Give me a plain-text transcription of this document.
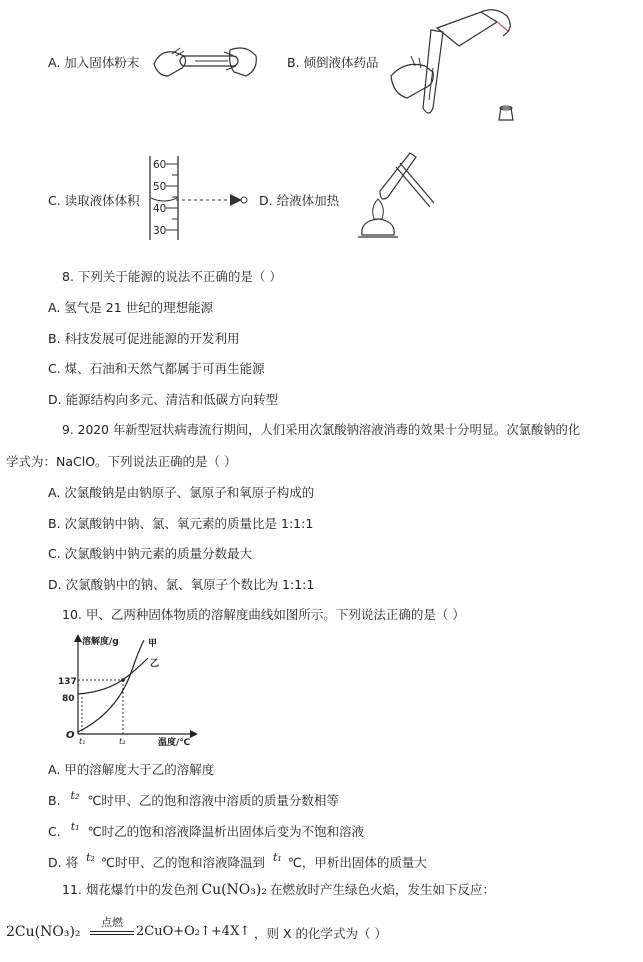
A. 加入固体粉末	B. 倾倒液体药品
C. 读取液体体积
60
50
40
30
D. 给液体加热
8. 下列关于能源的说法不正确的是（ ）
A. 氢气是 21 世纪的理想能源
B. 科技发展可促进能源的开发利用
C. 煤、石油和天然气都属于可再生能源
D. 能源结构向多元、清洁和低碳方向转型
9. 2020 年新型冠状病毒流行期间，人们采用次氯酸钠溶液消毒的效果十分明显。次氯酸钠的化
学式为：NaClO。下列说法正确的是（ ）
A. 次氯酸钠是由钠原子、氯原子和氧原子构成的
B. 次氯酸钠中钠、氯、氧元素的质量比是 1:1:1
C. 次氯酸钠中钠元素的质量分数最大
D. 次氯酸钠中的钠、氯、氧原子个数比为 1:1:1
10. 甲、乙两种固体物质的溶解度曲线如图所示。下列说法正确的是（ ）
溶解度/g
温度/℃
O
137
80
t₁	t₂
甲
乙
A. 甲的溶解度大于乙的溶解度
B. t₂ ℃时甲、乙的饱和溶液中溶质的质量分数相等
C. t₁ ℃时乙的饱和溶液降温析出固体后变为不饱和溶液
D. 将 t₂ ℃时甲、乙的饱和溶液降温到 t₁ ℃，甲析出固体的质量大
11. 烟花爆竹中的发色剂 Cu(NO₃)₂ 在燃放时产生绿色火焰，发生如下反应：
2Cu(NO₃)₂
点燃
2CuO+O₂↑+4X↑ ，则 X 的化学式为（ ）
